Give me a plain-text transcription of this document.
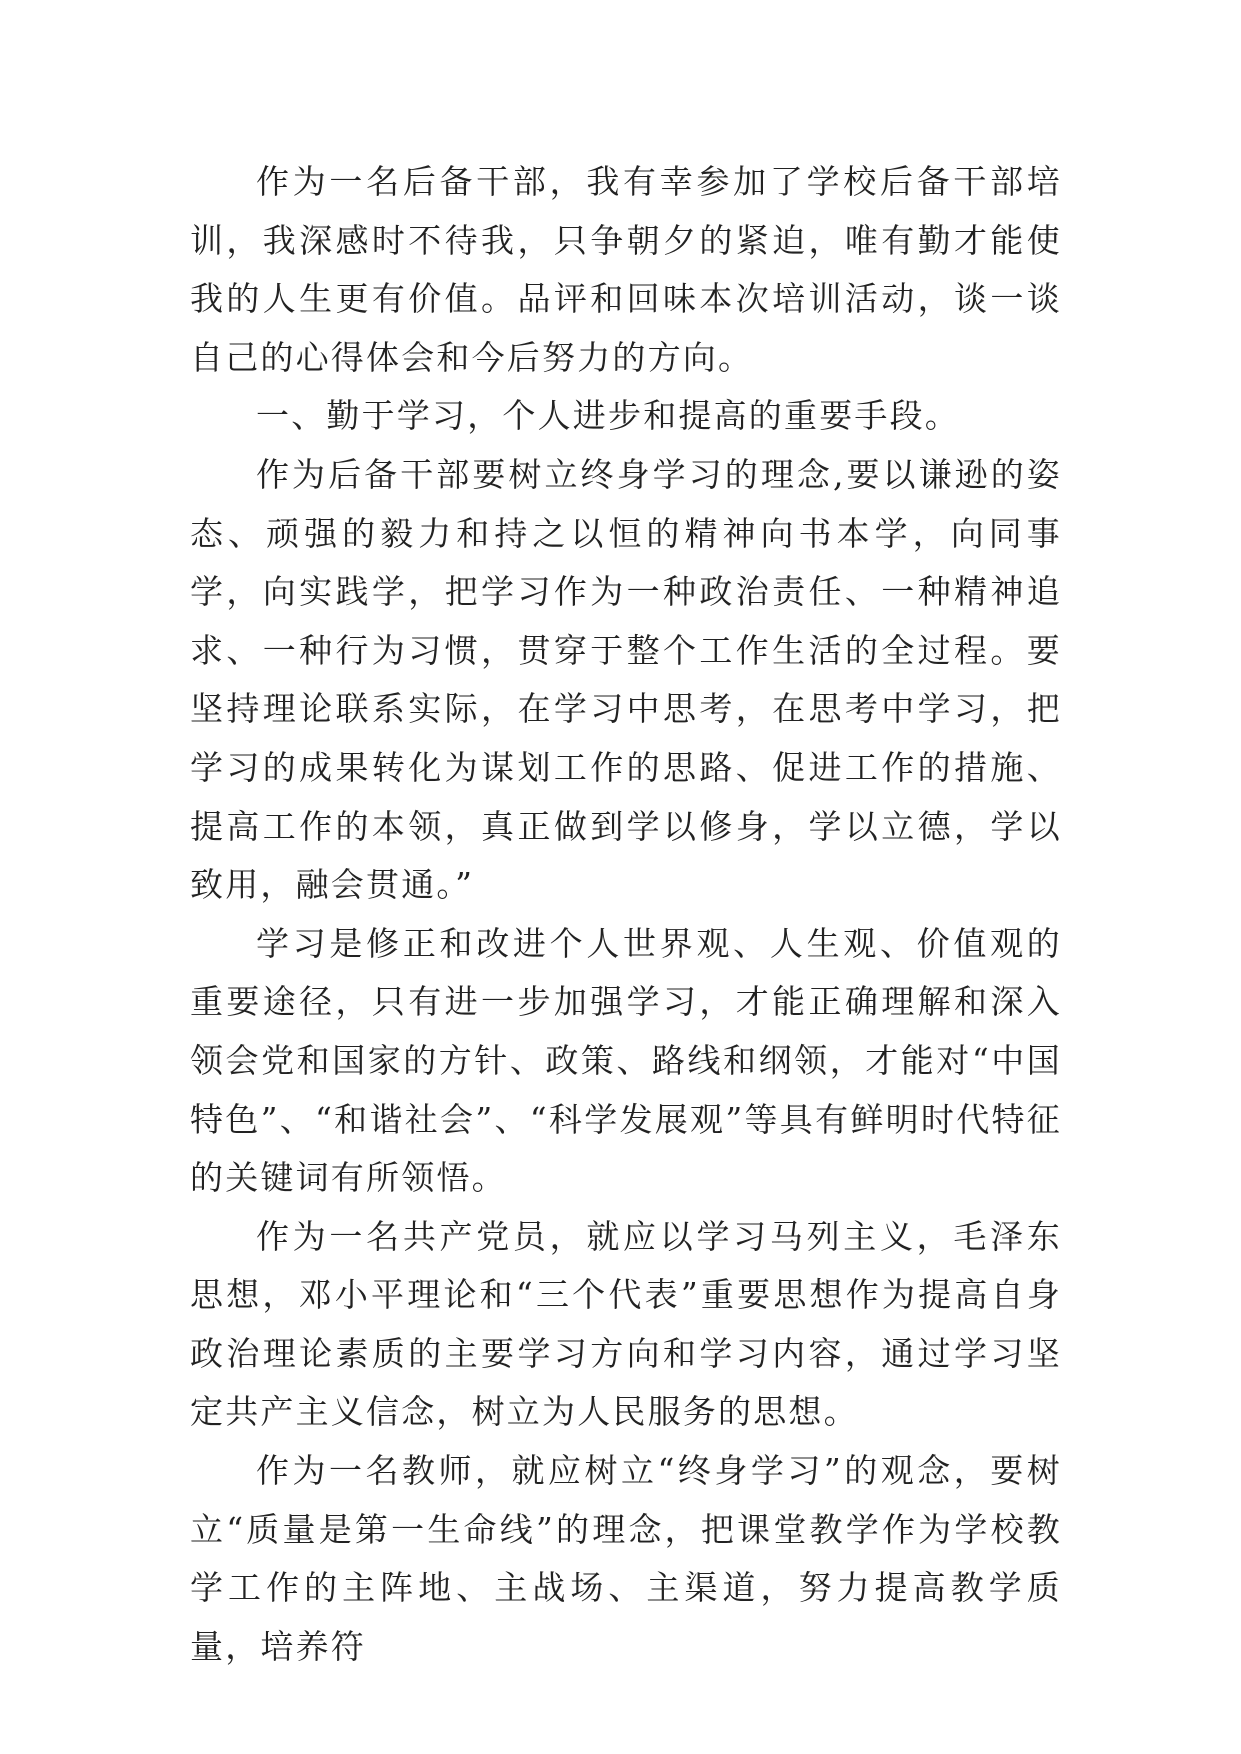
作为一名后备干部，我有幸参加了学校后备干部培训，我深感时不待我，只争朝夕的紧迫，唯有勤才能使我的人生更有价值。品评和回味本次培训活动，谈一谈自己的心得体会和今后努力的方向。

一、勤于学习，个人进步和提高的重要手段。

作为后备干部要树立终身学习的理念,要以谦逊的姿态、顽强的毅力和持之以恒的精神向书本学，向同事学，向实践学，把学习作为一种政治责任、一种精神追求、一种行为习惯，贯穿于整个工作生活的全过程。要坚持理论联系实际，在学习中思考，在思考中学习，把学习的成果转化为谋划工作的思路、促进工作的措施、提高工作的本领，真正做到学以修身，学以立德，学以致用，融会贯通。”

学习是修正和改进个人世界观、人生观、价值观的重要途径，只有进一步加强学习，才能正确理解和深入领会党和国家的方针、政策、路线和纲领，才能对“中国特色”、“和谐社会”、“科学发展观”等具有鲜明时代特征的关键词有所领悟。

作为一名共产党员，就应以学习马列主义，毛泽东思想，邓小平理论和“三个代表”重要思想作为提高自身政治理论素质的主要学习方向和学习内容，通过学习坚定共产主义信念，树立为人民服务的思想。

作为一名教师，就应树立“终身学习”的观念，要树立“质量是第一生命线”的理念，把课堂教学作为学校教学工作的主阵地、主战场、主渠道，努力提高教学质量，培养符
